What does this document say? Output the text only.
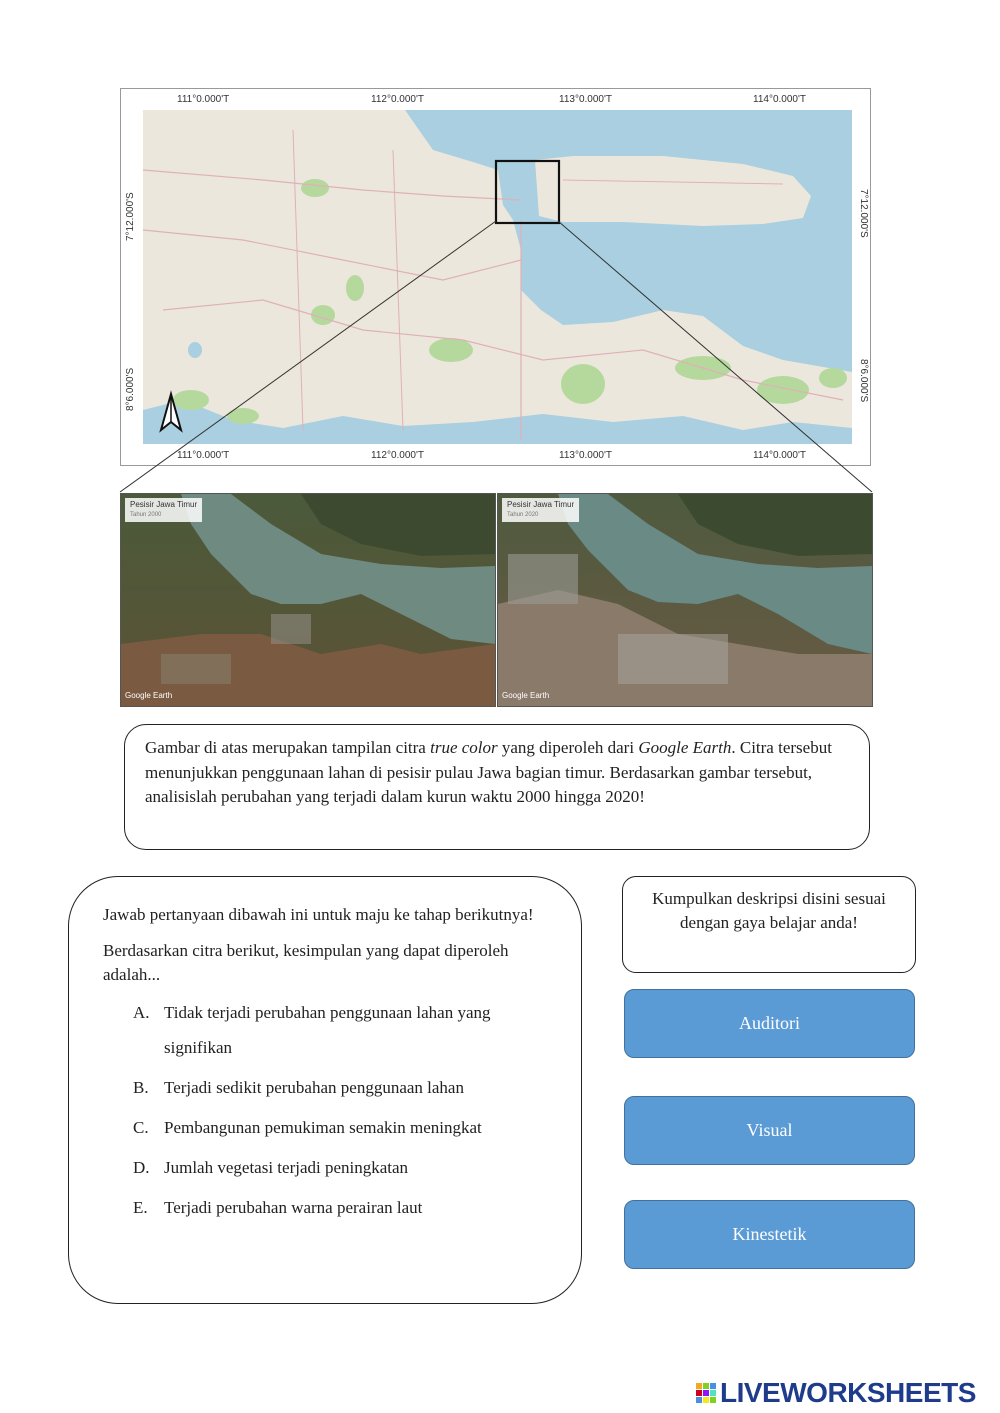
111°0.000'T	112°0.000'T	113°0.000'T	114°0.000'T
111°0.000'T	112°0.000'T	113°0.000'T	114°0.000'T
7°12.000'S
8°6.000'S
7°12.000'S
8°6.000'S
Pesisir Jawa Timur
Tahun 2000
Google Earth
Pesisir Jawa Timur
Tahun 2020
Google Earth
Gambar di atas merupakan tampilan citra true color yang diperoleh dari Google Earth. Citra tersebut menunjukkan penggunaan lahan di pesisir pulau Jawa bagian timur. Berdasarkan gambar tersebut, analisislah perubahan yang terjadi dalam kurun waktu 2000 hingga 2020!

Jawab pertanyaan dibawah ini untuk maju ke tahap berikutnya!

Berdasarkan citra berikut, kesimpulan yang dapat diperoleh adalah...

A. Tidak terjadi perubahan penggunaan lahan yang signifikan
B. Terjadi sedikit perubahan penggunaan lahan
C. Pembangunan pemukiman semakin meningkat
D. Jumlah vegetasi terjadi peningkatan
E. Terjadi perubahan warna perairan laut
Kumpulkan deskripsi disini sesuai dengan gaya belajar anda!
Auditori
Visual
Kinestetik
LIVEWORKSHEETS
